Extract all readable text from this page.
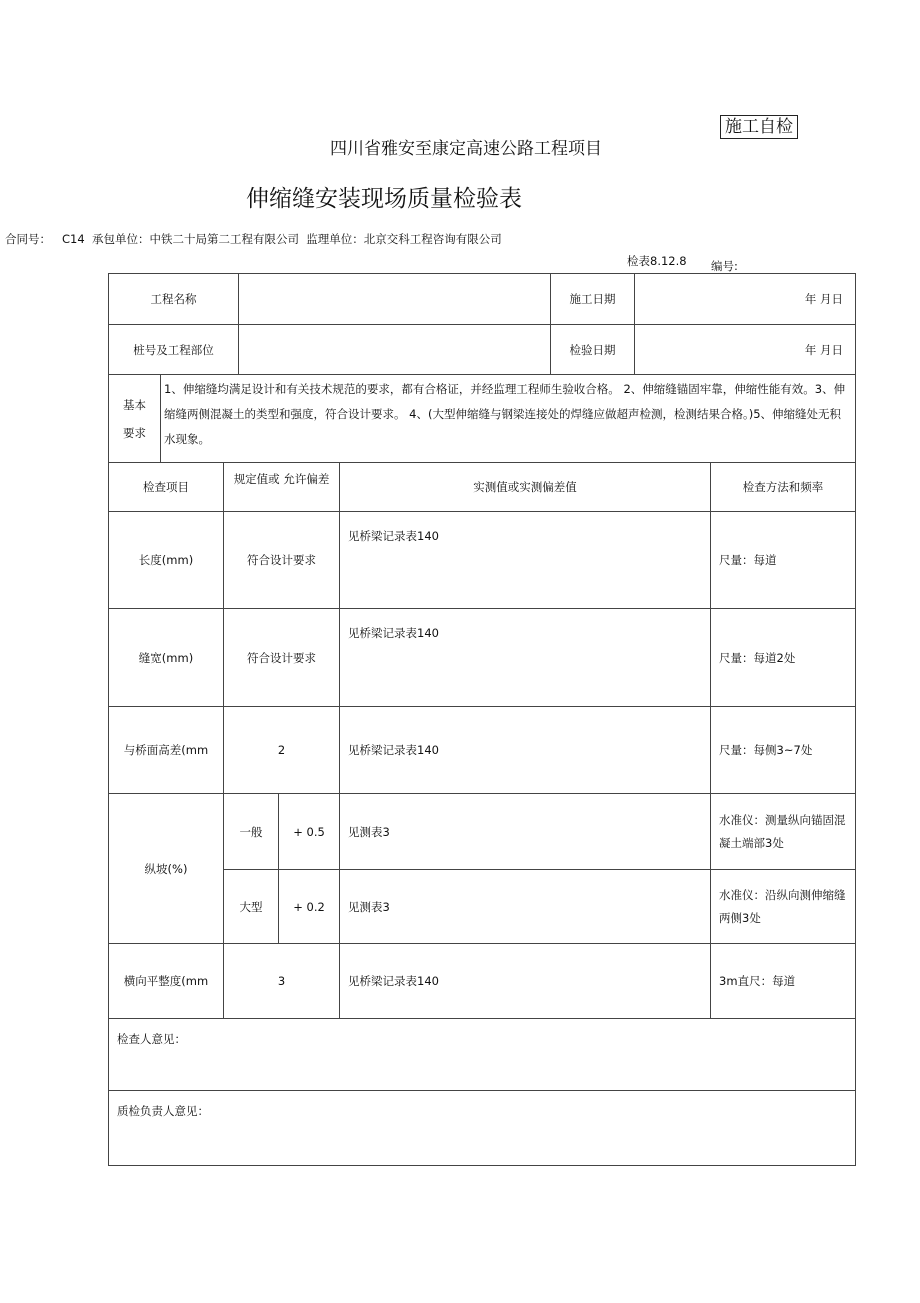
施工自检
四川省雅安至康定高速公路工程项目
伸缩缝安装现场质量检验表
合同号：   C14  承包单位：中铁二十局第二工程有限公司  监理单位：北京交科工程咨询有限公司
检表8.12.8 编号:
工程名称						施工日期	年 月日	
桩号及工程部位						检验日期	年 月日	
基本
要求	1、伸缩缝均满足设计和有关技术规范的要求，都有合格证，并经监理工程师生验收合格。 2、伸缩缝锚固牢靠，伸缩性能有效。3、伸缩缝两侧混凝土的类型和强度，符合设计要求。 4、(大型伸缩缝与钢梁连接处的焊缝应做超声检测，检测结果合格。)5、伸缩缝处无积水现象。							
检查项目		规定值或 允许偏差			实测值或实测偏差值			检查方法和频率
长度(mm)		符合设计要求			见桥梁记录表140			尺量：每道
缝宽(mm)		符合设计要求			见桥梁记录表140			尺量：每道2处
与桥面高差(mm		2			见桥梁记录表140			尺量：每侧3~7处
纵坡(%)		一般		+ 0.5	见测表3			水准仪：测量纵向锚固混凝土端部3处
		大型		+ 0.2	见测表3			水准仪：沿纵向测伸缩缝两侧3处
横向平整度(mm		3			见桥梁记录表140			3m直尺：每道
检查人意见：								
质检负责人意见：								
